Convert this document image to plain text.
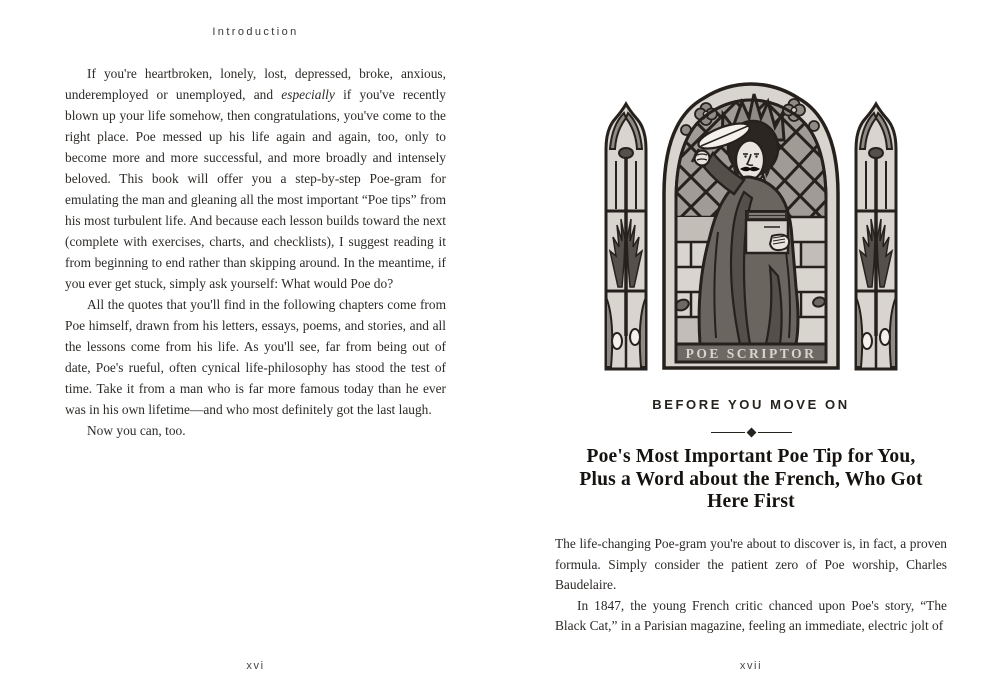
Introduction

If you're heartbroken, lonely, lost, depressed, broke, anxious, underemployed or unemployed, and especially if you've recently blown up your life somehow, then congratulations, you've come to the right place. Poe messed up his life again and again, too, only to become more and more successful, and more broadly and intensely beloved. This book will offer you a step-by-step Poe-gram for emulating the man and gleaning all the most important “Poe tips” from his most turbulent life. And because each lesson builds toward the next (complete with exercises, charts, and checklists), I suggest reading it from beginning to end rather than skipping around. In the meantime, if you ever get stuck, simply ask yourself: What would Poe do?

All the quotes that you'll find in the following chapters come from Poe himself, drawn from his letters, essays, poems, and stories, and all the lessons come from his life. As you'll see, far from being out of date, Poe's rueful, often cynical life-philosophy has stood the test of time. Take it from a man who is far more famous today than he ever was in his own lifetime—and who most definitely got the last laugh.

Now you can, too.

xvi
POE SCRIPTOR
BEFORE YOU MOVE ON
Poe's Most Important Poe Tip for You,
Plus a Word about the French, Who Got
Here First

The life-changing Poe-gram you're about to discover is, in fact, a proven formula. Simply consider the patient zero of Poe worship, Charles Baudelaire.

In 1847, the young French critic chanced upon Poe's story, “The Black Cat,” in a Parisian magazine, feeling an immediate, electric jolt of

xvii
